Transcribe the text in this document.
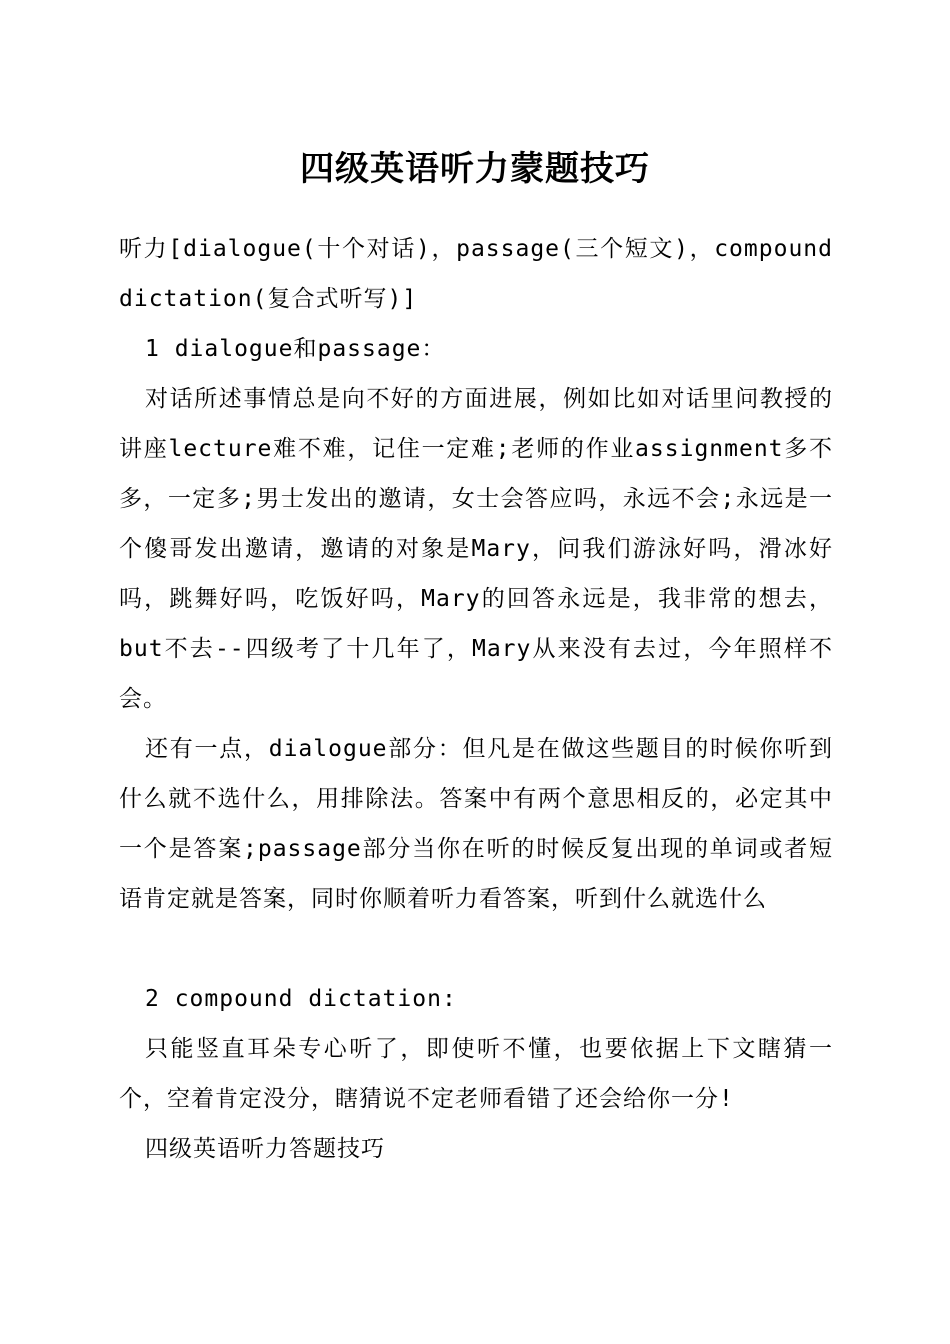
四级英语听力蒙题技巧

听力[dialogue(十个对话)，passage(三个短文)，compound dictation(复合式听写)]

1 dialogue和passage：

对话所述事情总是向不好的方面进展，例如比如对话里问教授的讲座lecture难不难，记住一定难;老师的作业assignment多不多，一定多;男士发出的邀请，女士会答应吗，永远不会;永远是一个傻哥发出邀请，邀请的对象是Mary，问我们游泳好吗，滑冰好吗，跳舞好吗，吃饭好吗，Mary的回答永远是，我非常的想去，but不去--四级考了十几年了，Mary从来没有去过，今年照样不会。

还有一点，dialogue部分：但凡是在做这些题目的时候你听到什么就不选什么，用排除法。答案中有两个意思相反的，必定其中一个是答案;passage部分当你在听的时候反复出现的单词或者短语肯定就是答案，同时你顺着听力看答案，听到什么就选什么

2 compound dictation:

只能竖直耳朵专心听了，即使听不懂，也要依据上下文瞎猜一个，空着肯定没分，瞎猜说不定老师看错了还会给你一分!

四级英语听力答题技巧
